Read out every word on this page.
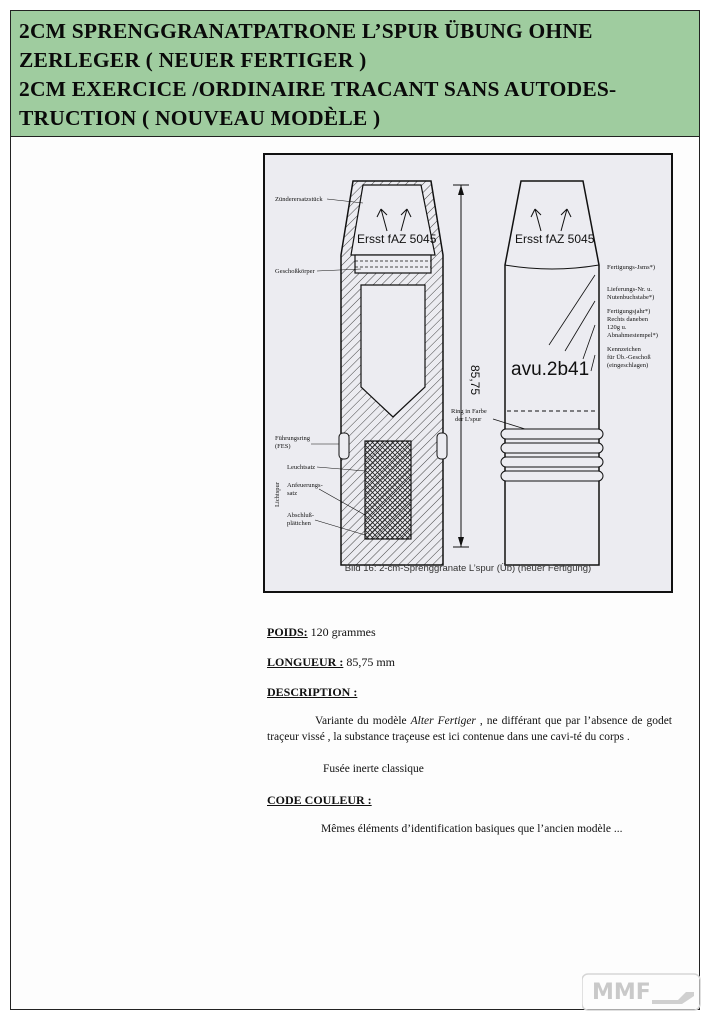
2CM SPRENGGRANATPATRONE L’SPUR ÜBUNG OHNE
ZERLEGER ( NEUER FERTIGER )
2CM EXERCICE /ORDINAIRE TRACANT SANS AUTODES-
TRUCTION ( NOUVEAU MODÈLE )
Ersst fAZ 5045
85,75
Ersst fAZ 5045
avu.2b41
Zünderersatzstück
Geschoßkörper
Führungsring
(FES)
Lichtspur
Leuchtsatz
Anfeuerungs-
satz
Abschluß-
plättchen
Fertigungs-Jsms*)
Lieferungs-Nr. u.
Nutenbuchstabe*)
Fertigungsjahr*)
Rechts daneben
120g u.
Abnahmestempel*)
Kennzeichen
für Üb.-Geschoß
(eingeschlagen)
Ring in Farbe
der L’spur
Bild 16: 2-cm-Sprenggranate L’spur (Üb) (neuer Fertigung)
POIDS: 120 grammes
LONGUEUR : 85,75 mm
DESCRIPTION :
Variante du modèle Alter Fertiger , ne différant que par l’absence de godet traçeur vissé , la substance traçeuse est ici contenue dans une cavi-té du corps .
Fusée inerte classique
CODE COULEUR :
Mêmes éléments d’identification basiques que l’ancien modèle ...
MMF
